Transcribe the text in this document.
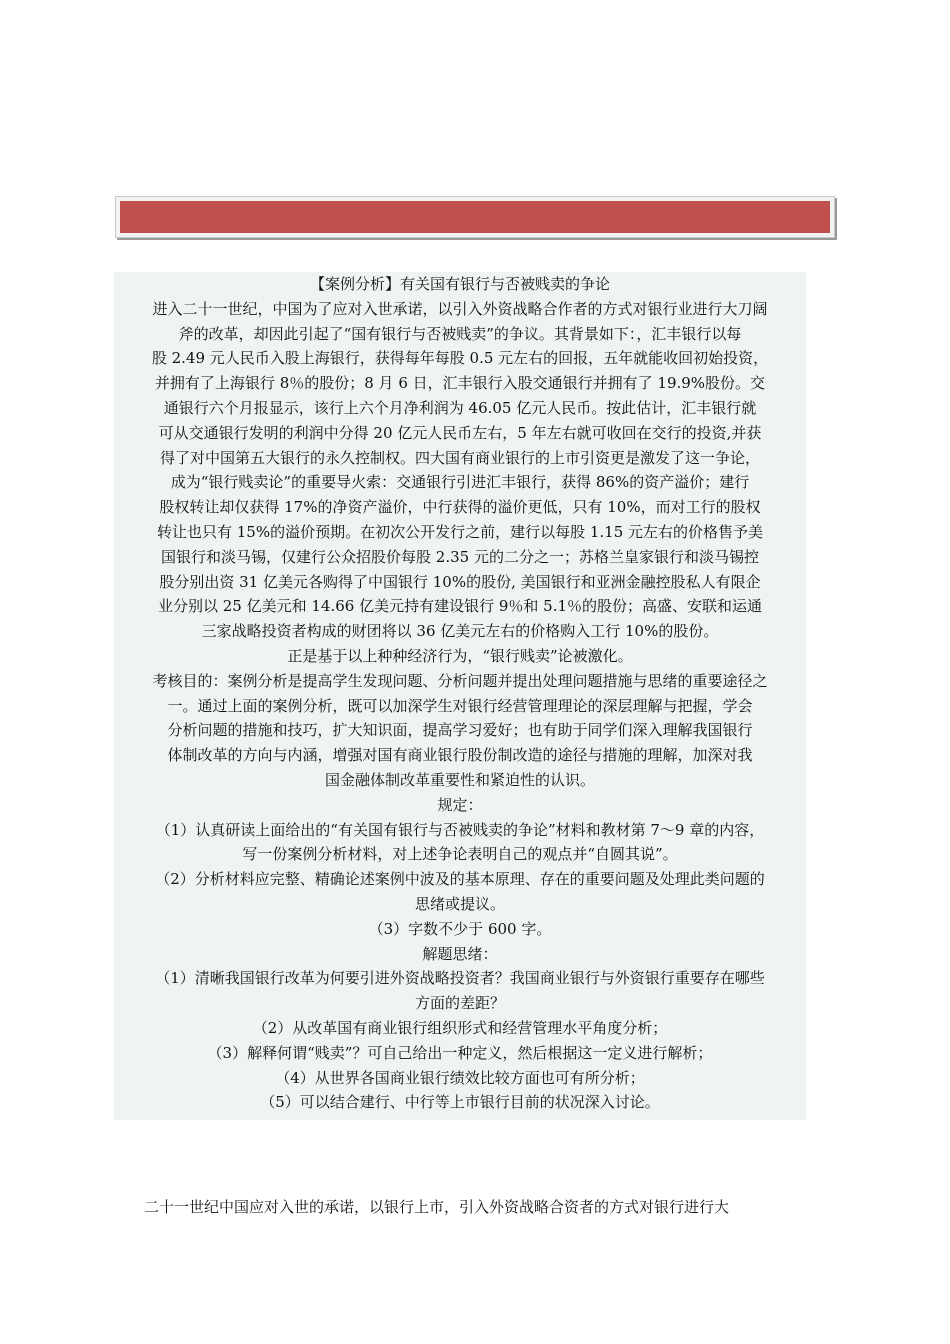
【案例分析】有关国有银行与否被贱卖的争论

进入二十一世纪，中国为了应对入世承诺，以引入外资战略合作者的方式对银行业进行大刀阔

斧的改革，却因此引起了“国有银行与否被贱卖”的争议。其背景如下：，汇丰银行以每

股 2.49 元人民币入股上海银行，获得每年每股 0.5 元左右的回报，五年就能收回初始投资，

并拥有了上海银行 8％的股份；8 月 6 日，汇丰银行入股交通银行并拥有了 19.9%股份。交

通银行六个月报显示，该行上六个月净利润为 46.05 亿元人民币。按此估计，汇丰银行就

可从交通银行发明的利润中分得 20 亿元人民币左右，5 年左右就可收回在交行的投资,并获

得了对中国第五大银行的永久控制权。四大国有商业银行的上市引资更是激发了这一争论，

成为“银行贱卖论”的重要导火索：交通银行引进汇丰银行，获得 86%的资产溢价；建行

股权转让却仅获得 17%的净资产溢价，中行获得的溢价更低，只有 10%，而对工行的股权

转让也只有 15%的溢价预期。在初次公开发行之前，建行以每股 1.15 元左右的价格售予美

国银行和淡马锡，仅建行公众招股价每股 2.35 元的二分之一；苏格兰皇家银行和淡马锡控

股分别出资 31 亿美元各购得了中国银行 10%的股份, 美国银行和亚洲金融控股私人有限企

业分别以 25 亿美元和 14.66 亿美元持有建设银行 9％和 5.1％的股份；高盛、安联和运通

三家战略投资者构成的财团将以 36 亿美元左右的价格购入工行 10%的股份。

正是基于以上种种经济行为，“银行贱卖”论被激化。

考核目的：案例分析是提高学生发现问题、分析问题并提出处理问题措施与思绪的重要途径之

一。通过上面的案例分析，既可以加深学生对银行经营管理理论的深层理解与把握，学会

分析问题的措施和技巧，扩大知识面，提高学习爱好；也有助于同学们深入理解我国银行

体制改革的方向与内涵，增强对国有商业银行股份制改造的途径与措施的理解，加深对我

国金融体制改革重要性和紧迫性的认识。

规定：

（1）认真研读上面给出的“有关国有银行与否被贱卖的争论”材料和教材第 7～9 章的内容，

写一份案例分析材料，对上述争论表明自己的观点并“自圆其说”。

（2）分析材料应完整、精确论述案例中波及的基本原理、存在的重要问题及处理此类问题的

思绪或提议。

（3）字数不少于 600 字。

解题思绪：

（1）清晰我国银行改革为何要引进外资战略投资者？我国商业银行与外资银行重要存在哪些

方面的差距？

（2）从改革国有商业银行组织形式和经营管理水平角度分析；

（3）解释何谓“贱卖”？可自己给出一种定义，然后根据这一定义进行解析；

（4）从世界各国商业银行绩效比较方面也可有所分析；

（5）可以结合建行、中行等上市银行目前的状况深入讨论。

二十一世纪中国应对入世的承诺，以银行上市，引入外资战略合资者的方式对银行进行大
